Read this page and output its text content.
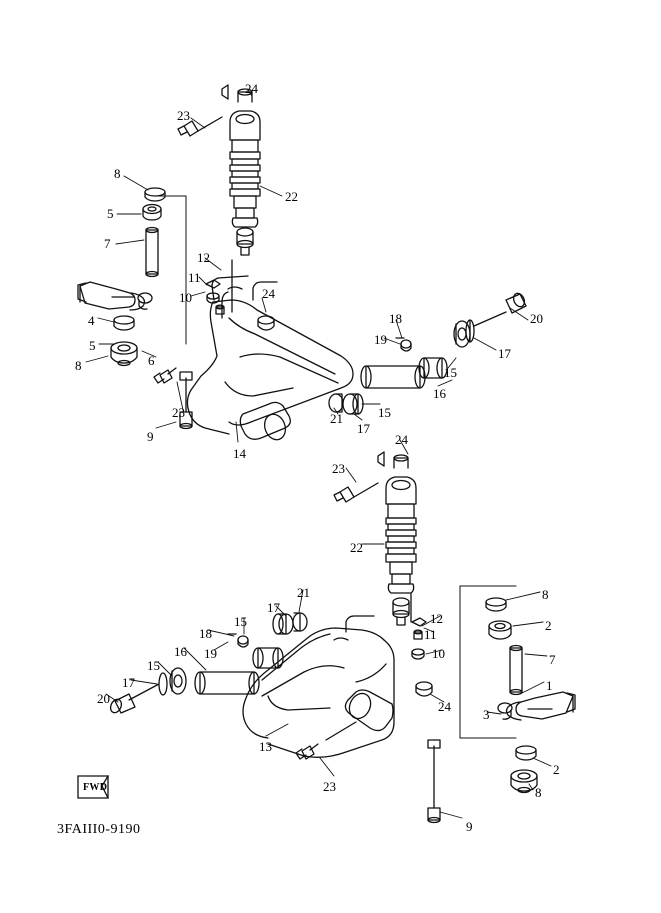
FWD
3FAIII0-9190
24
23
8
22
5
7
12
11
10
4
24
18	20
5	19
17
6
15
8
16
15
23	21
17
14
9	24
23
22
8
21
17
2
12
15
11
18
7
16 19	10
15
1
17
20
24
3
13
2
23	8
9
